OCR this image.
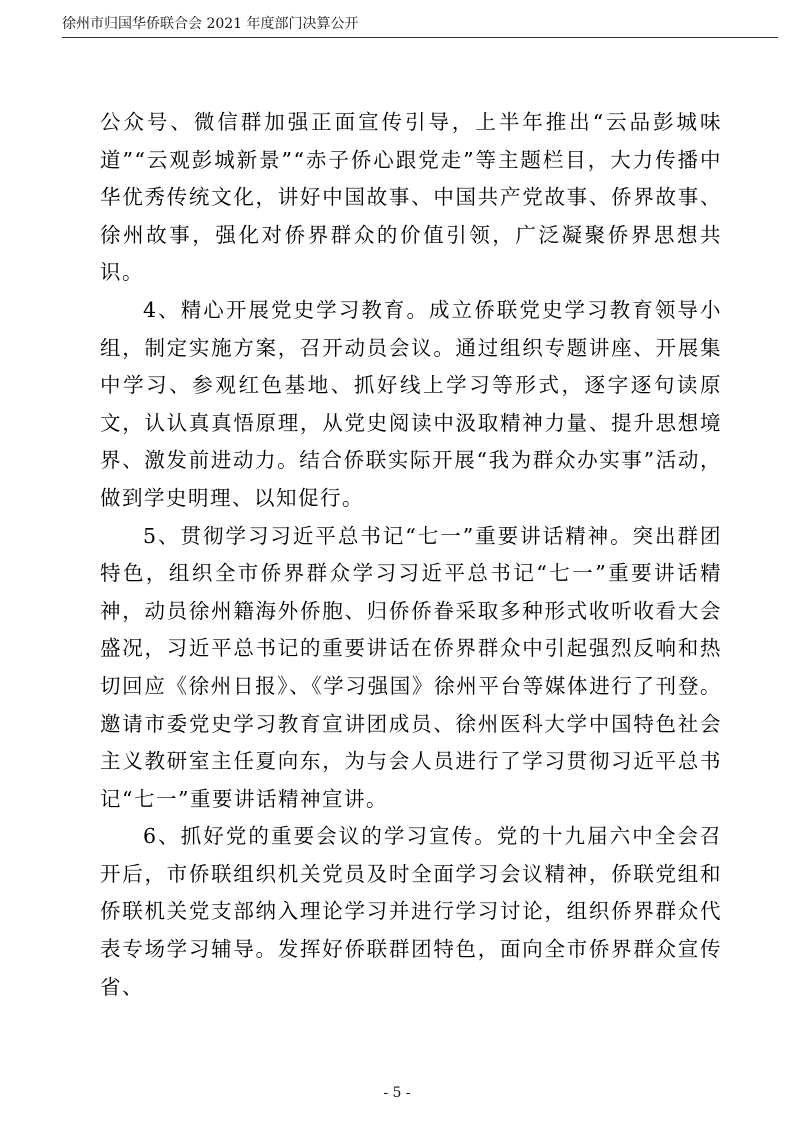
徐州市归国华侨联合会 2021 年度部门决算公开

公众号、微信群加强正面宣传引导，上半年推出“云品彭城味道”“云观彭城新景”“赤子侨心跟党走”等主题栏目，大力传播中华优秀传统文化，讲好中国故事、中国共产党故事、侨界故事、徐州故事，强化对侨界群众的价值引领，广泛凝聚侨界思想共识。

4、精心开展党史学习教育。成立侨联党史学习教育领导小组，制定实施方案，召开动员会议。通过组织专题讲座、开展集中学习、参观红色基地、抓好线上学习等形式，逐字逐句读原文，认认真真悟原理，从党史阅读中汲取精神力量、提升思想境界、激发前进动力。结合侨联实际开展“我为群众办实事”活动，做到学史明理、以知促行。

5、贯彻学习习近平总书记“七一”重要讲话精神。突出群团特色，组织全市侨界群众学习习近平总书记“七一”重要讲话精神，动员徐州籍海外侨胞、归侨侨眷采取多种形式收听收看大会盛况，习近平总书记的重要讲话在侨界群众中引起强烈反响和热切回应《徐州日报》、《学习强国》徐州平台等媒体进行了刊登。邀请市委党史学习教育宣讲团成员、徐州医科大学中国特色社会主义教研室主任夏向东，为与会人员进行了学习贯彻习近平总书记“七一”重要讲话精神宣讲。

6、抓好党的重要会议的学习宣传。党的十九届六中全会召开后，市侨联组织机关党员及时全面学习会议精神，侨联党组和侨联机关党支部纳入理论学习并进行学习讨论，组织侨界群众代表专场学习辅导。发挥好侨联群团特色，面向全市侨界群众宣传省、

- 5 -
